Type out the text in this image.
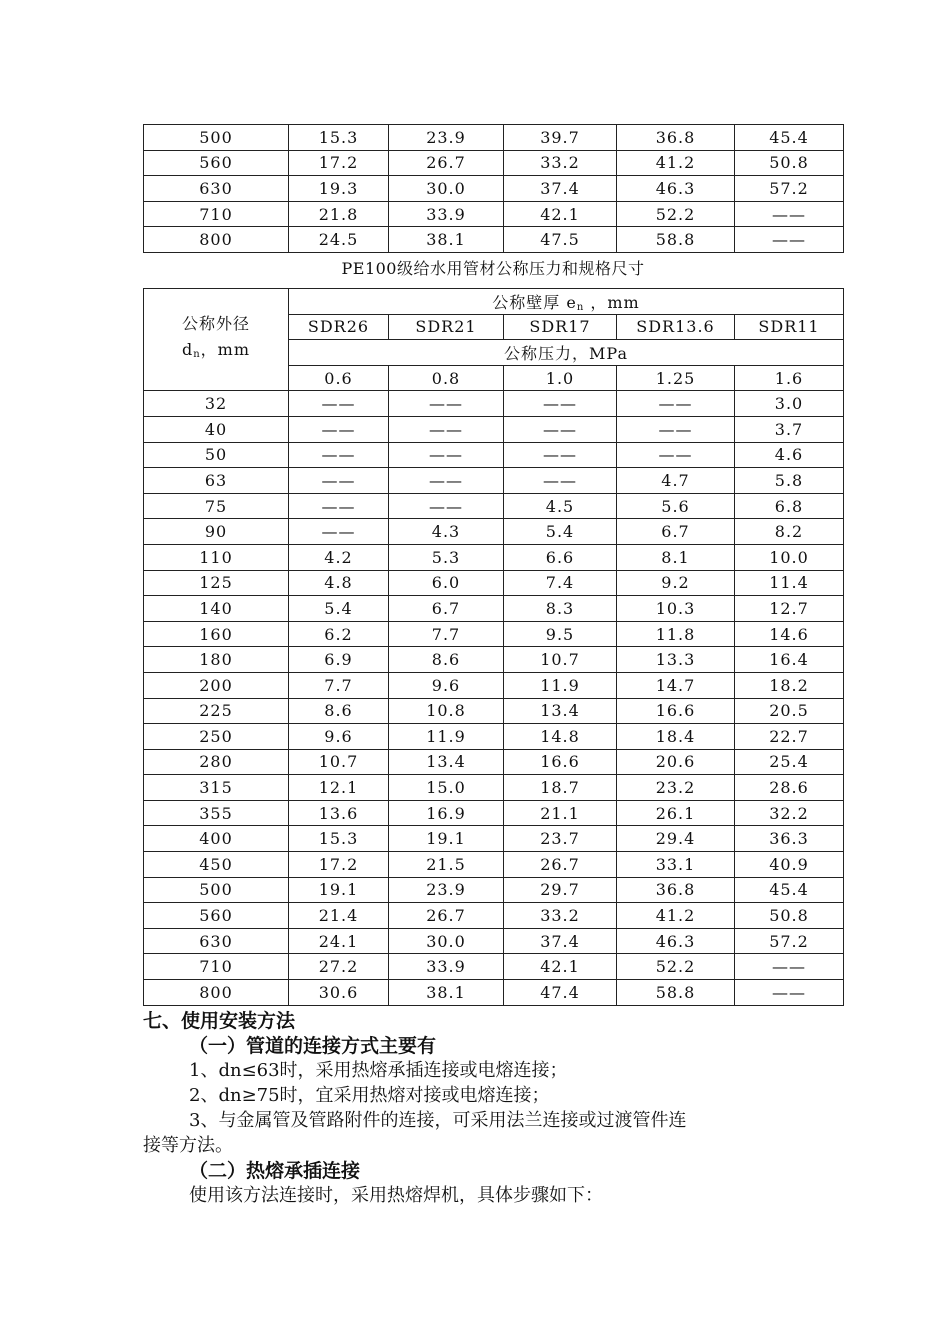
500	15.3	23.9	39.7	36.8	45.4
560	17.2	26.7	33.2	41.2	50.8
630	19.3	30.0	37.4	46.3	57.2
710	21.8	33.9	42.1	52.2	——
800	24.5	38.1	47.5	58.8	——
PE100级给水用管材公称压力和规格尺寸
公称外径
$d_n$，mm	公称壁厚 $e_n$ ，mm				
	SDR26	SDR21	SDR17	SDR13.6	SDR11
	公称压力，MPa				
	0.6	0.8	1.0	1.25	1.6
32	——	——	——	——	3.0
40	——	——	——	——	3.7
50	——	——	——	——	4.6
63	——	——	——	4.7	5.8
75	——	——	4.5	5.6	6.8
90	——	4.3	5.4	6.7	8.2
110	4.2	5.3	6.6	8.1	10.0
125	4.8	6.0	7.4	9.2	11.4
140	5.4	6.7	8.3	10.3	12.7
160	6.2	7.7	9.5	11.8	14.6
180	6.9	8.6	10.7	13.3	16.4
200	7.7	9.6	11.9	14.7	18.2
225	8.6	10.8	13.4	16.6	20.5
250	9.6	11.9	14.8	18.4	22.7
280	10.7	13.4	16.6	20.6	25.4
315	12.1	15.0	18.7	23.2	28.6
355	13.6	16.9	21.1	26.1	32.2
400	15.3	19.1	23.7	29.4	36.3
450	17.2	21.5	26.7	33.1	40.9
500	19.1	23.9	29.7	36.8	45.4
560	21.4	26.7	33.2	41.2	50.8
630	24.1	30.0	37.4	46.3	57.2
710	27.2	33.9	42.1	52.2	——
800	30.6	38.1	47.4	58.8	——
七、使用安装方法
（一）管道的连接方式主要有
1、dn≤63时，采用热熔承插连接或电熔连接；
2、dn≥75时，宜采用热熔对接或电熔连接；
3、与金属管及管路附件的连接，可采用法兰连接或过渡管件连
接等方法。
（二）热熔承插连接
使用该方法连接时，采用热熔焊机，具体步骤如下：
